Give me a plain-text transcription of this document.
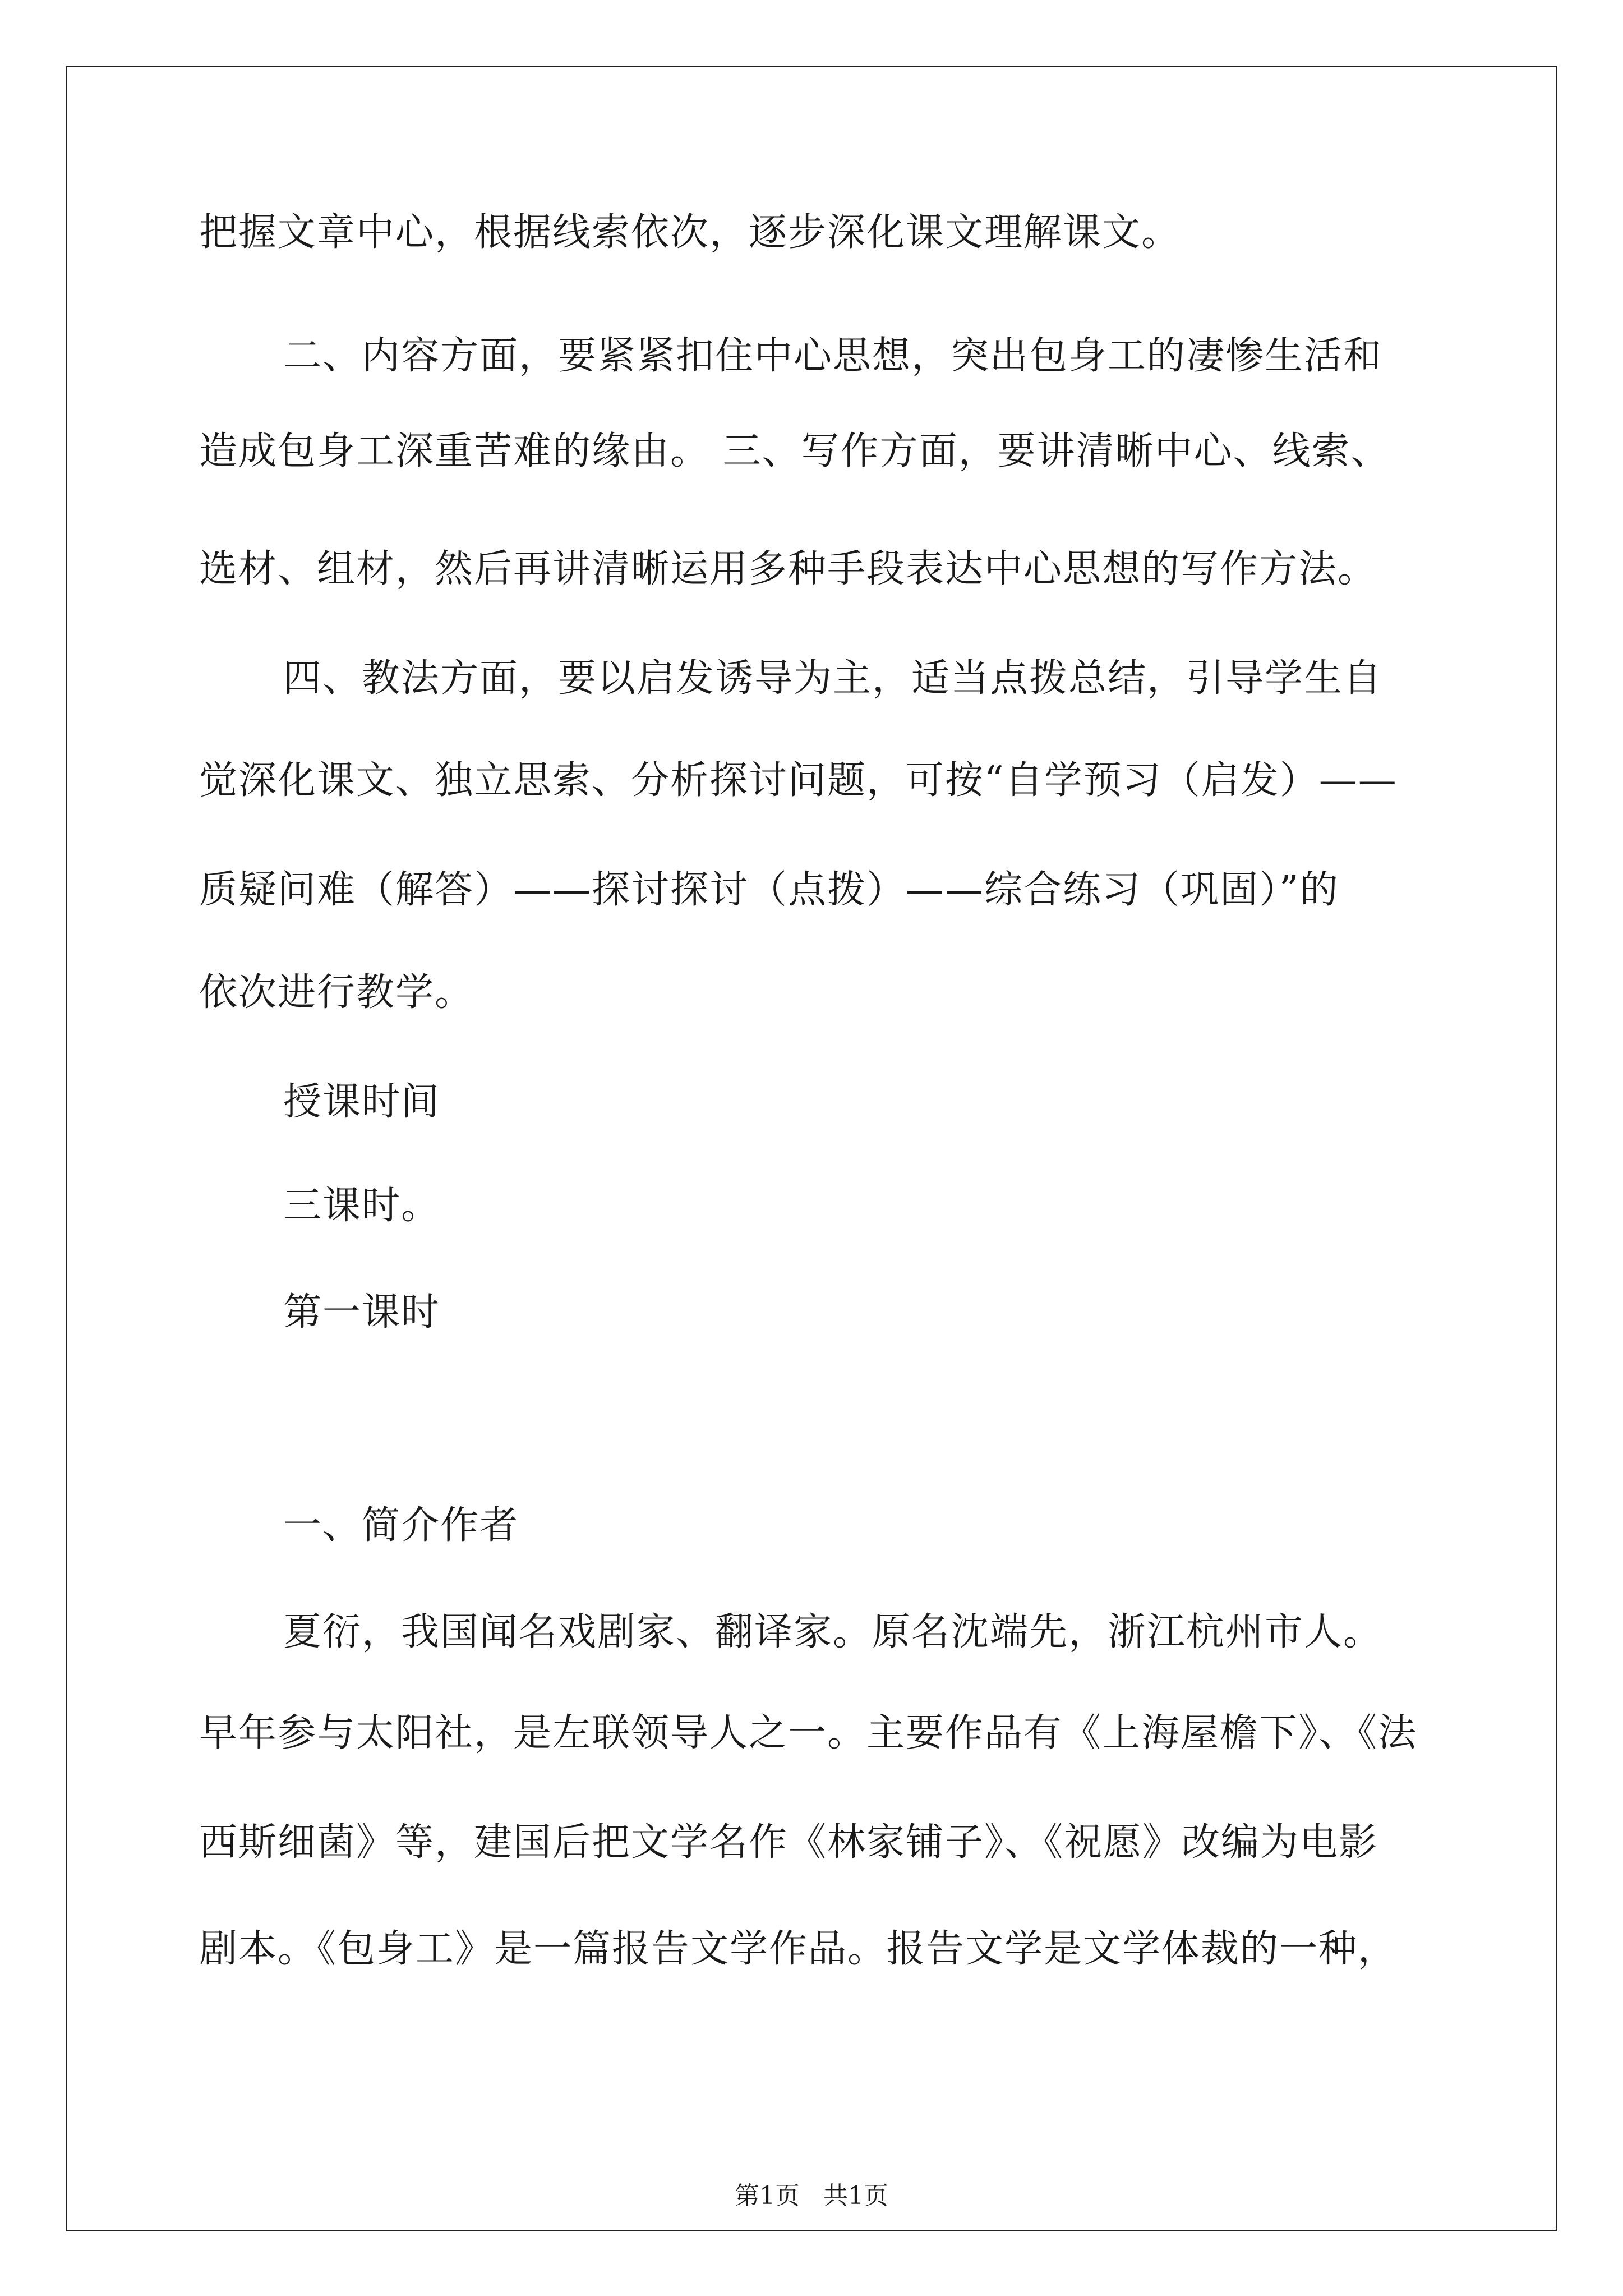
把握文章中心，根据线索依次，逐步深化课文理解课文。
二、内容方面，要紧紧扣住中心思想，突出包身工的凄惨生活和
造成包身工深重苦难的缘由。 三、写作方面，要讲清晰中心、线索、
选材、组材，然后再讲清晰运用多种手段表达中心思想的写作方法。
四、教法方面，要以启发诱导为主，适当点拨总结，引导学生自
觉深化课文、独立思索、分析探讨问题，可按“自学预习（启发）——
质疑问难（解答）——探讨探讨（点拨）——综合练习（巩固）”的
依次进行教学。
授课时间
三课时。
第一课时
一、简介作者
夏衍，我国闻名戏剧家、翻译家。原名沈端先，浙江杭州市人。
早年参与太阳社，是左联领导人之一。主要作品有《上海屋檐下》、《法
西斯细菌》等，建国后把文学名作《林家铺子》、《祝愿》改编为电影
剧本。《包身工》是一篇报告文学作品。报告文学是文学体裁的一种，
第1页   共1页
